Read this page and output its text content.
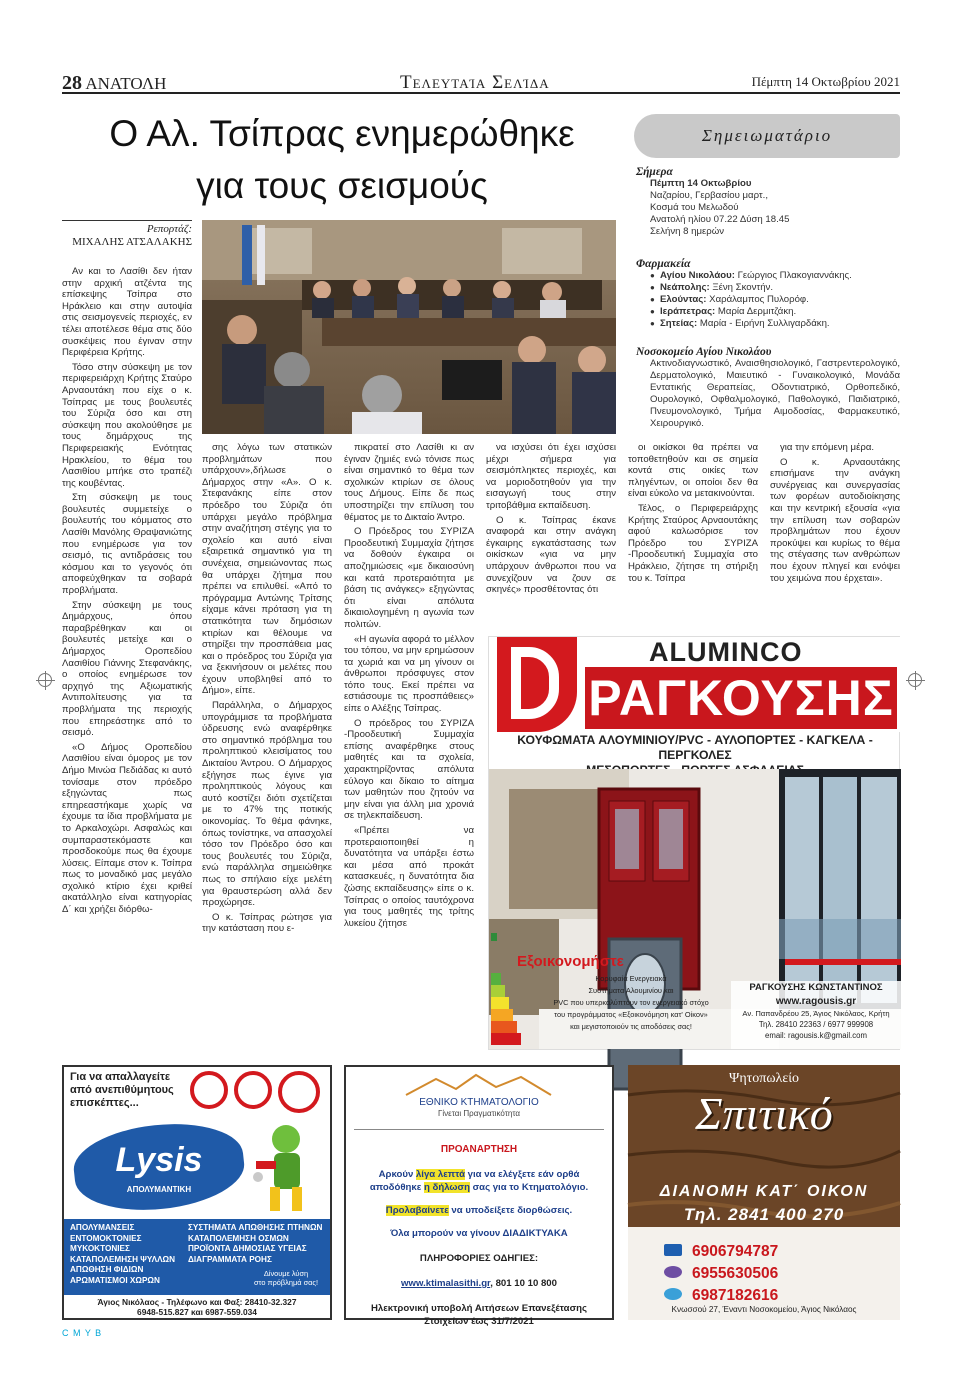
28 ΑΝΑΤΟΛΗ	Τελευταία Σελίδα	Πέμπτη 14 Οκτωβρίου 2021
Ο Αλ. Τσίπρας ενημερώθηκε
για τους σεισμούς
Ρεπορτάζ:
ΜΙΧΑΛΗΣ ΑΤΣΑΛΑΚΗΣ

Αν και το Λασίθι δεν ήταν στην αρχική ατζέντα της επίσκεψης Τσίπρα στο Ηράκλειο και στην αυτοψία στις σεισμογενείς περιοχές, εν τέλει αποτέλεσε θέμα στις δύο συσκέψεις που έγιναν στην Περιφέρεια Κρήτης.

Τόσο στην σύσκεψη με τον περιφερειάρχη Κρήτης Σταύρο Αρναουτάκη που είχε ο κ. Τσίπρας με τους βουλευτές του Σύριζα όσο και στη σύσκεψη που ακολούθησε με τους δημάρχους της Περιφερειακής Ενότητας Ηρακλείου, το θέμα του Λασιθίου μπήκε στο τραπέζι της κουβέντας.

Στη σύσκεψη με τους βουλευτές συμμετείχε ο βουλευτής του κόμματος στο Λασίθι Μανόλης Θραψανιώτης που ενημέρωσε για τον σεισμό, τις αντιδράσεις του κόσμου και το γεγονός ότι αποφεύχθηκαν τα σοβαρά προβλήματα.

Στην σύσκεψη με τους Δημάρχους, όπου παραβρέθηκαν και οι βουλευτές μετείχε και ο Δήμαρχος Οροπεδίου Λασιθίου Γιάννης Στεφανάκης, ο οποίος ενημέρωσε τον αρχηγό της Αξιωματικής Αντιπολίτευσης για τα προβλήματα της περιοχής που επηρεάστηκε από το σεισμό.

«Ο Δήμος Οροπεδίου Λασιθίου είναι όμορος με τον Δήμο Μινώα Πεδιάδας κι αυτό τονίσαμε στον πρόεδρο εξηγώντας πως επηρεαστήκαμε χωρίς να έχουμε τα ίδια προβλήματα με το Αρκαλοχώρι. Ασφαλώς και συμπαραστεκόμαστε και προσδοκούμε πως θα έχουμε λύσεις. Είπαμε στον κ. Τσίπρα πως το μοναδικό μας μεγάλο σχολικό κτίριο έχει κριθεί ακατάλληλο είναι κατηγορίας Δ΄ και χρήζει διόρθω-

σης λόγω των στατικών προβλημάτων που υπάρχουν»,δήλωσε ο Δήμαρχος στην «Α». Ο κ. Στεφανάκης είπε στον πρόεδρο του Σύριζα ότι υπάρχει μεγάλο πρόβλημα στην αναζήτηση στέγης για το σχολείο και αυτό είναι εξαιρετικά σημαντικό για τη συνέχεια, σημειώνοντας πως θα υπάρχει ζήτημα που πρέπει να επιλυθεί. «Από το πρόγραμμα Αντώνης Τρίτσης είχαμε κάνει πρόταση για τη στατικότητα των δημόσιων κτιρίων και θέλουμε να στηρίξει την προσπάθεια μας και ο πρόεδρος του Σύριζα για να ξεκινήσουν οι μελέτες που έχουν υποβληθεί από το Δήμο», είπε.

Παράλληλα, ο Δήμαρχος υπογράμμισε τα προβλήματα ύδρευσης ενώ αναφέρθηκε στο σημαντικό πρόβλημα του προληπτικού κλεισίματος του Δικταίου Άντρου. Ο Δήμαρχος εξήγησε πως έγινε για προληπτικούς λόγους και αυτό κοστίζει διότι σχετίζεται με το 47% της ποτικής οικονομίας. Το θέμα φάνηκε, όπως τονίστηκε, να απασχολεί τόσο τον Πρόεδρο όσο και τους βουλευτές του Σύριζα, ενώ παράλληλα σημειώθηκε πως το σπήλαιο είχε μελέτη για θραυστερώση αλλά δεν προχώρησε.

Ο κ. Τσίπρας ρώτησε για την κατάσταση που ε-

πικρατεί στο Λασίθι κι αν έγιναν ζημιές ενώ τόνισε πως είναι σημαντικό το θέμα των σχολικών κτιρίων σε όλους τους Δήμους. Είπε δε πως υποστηρίζει την επίλυση του θέματος με το Δικταίο Άντρο.

Ο Πρόεδρος του ΣΥΡΙΖΑ Προοδευτική Συμμαχία ζήτησε να δοθούν έγκαιρα οι αποζημιώσεις «με δικαιοσύνη και κατά προτεραιότητα με βάση τις ανάγκες» εξηγώντας ότι είναι απόλυτα δικαιολογημένη η αγωνία των πολιτών.

«Η αγωνία αφορά το μέλλον του τόπου, να μην ερημώσουν τα χωριά και να μη γίνουν οι άνθρωποι πρόσφυγες στον τόπο τους. Εκεί πρέπει να εστιάσουμε τις προσπάθειες» είπε ο Αλέξης Τσίπρας.

Ο πρόεδρος του ΣΥΡΙΖΑ -Προοδευτική Συμμαχία επίσης αναφέρθηκε στους μαθητές και τα σχολεία, χαρακτηρίζοντας απόλυτα εύλογο και δίκαιο το αίτημα των μαθητών που ζητούν να μην είναι για άλλη μια χρονιά σε τηλεκπαίδευση.

«Πρέπει να προτεραιοποιηθεί η δυνατότητα να υπάρξει έστω και μέσα από προκάτ κατασκευές, η δυνατότητα δια ζώσης εκπαίδευσης» είπε ο κ. Τσίπρας ο οποίος ταυτόχρονα για τους μαθητές της τρίτης λυκείου ζήτησε

να ισχύσει ότι έχει ισχύσει μέχρι σήμερα για σεισμόπληκτες περιοχές, και να μοριοδοτηθούν για την εισαγωγή τους στην τριτοβάθμια εκπαίδευση.

Ο κ. Τσίπρας έκανε αναφορά και στην ανάγκη έγκαιρης εγκατάστασης των οικίσκων «για να μην υπάρχουν άνθρωποι που να συνεχίζουν να ζουν σε σκηνές» προσθέτοντας ότι

οι οικίσκοι θα πρέπει να τοποθετηθούν και σε σημεία κοντά στις οικίες των πληγέντων, οι οποίοι δεν θα είναι εύκολο να μετακινούνται.

Τέλος, ο Περιφερειάρχης Κρήτης Σταύρος Αρναουτάκης αφού καλωσόρισε τον Πρόεδρο του ΣΥΡΙΖΑ -Προοδευτική Συμμαχία στο Ηράκλειο, ζήτησε τη στήριξη του κ. Τσίπρα

για την επόμενη μέρα.

Ο κ. Αρναουτάκης επισήμανε την ανάγκη συνέργειας και συνεργασίας των φορέων αυτοδιοίκησης και την κεντρική εξουσία «για την επίλυση των σοβαρών προβλημάτων που έχουν προκύψει και κυρίως το θέμα της στέγασης των ανθρώπων που έχουν πληγεί και ενόψει του χειμώνα που έρχεται».

Σημειωματάριο
Σήμερα
Πέμπτη 14 Οκτωβρίου
Ναζαρίου, Γερβασίου μαρτ.,
Κοσμά του Μελωδού
Ανατολή ηλίου 07.22 Δύση 18.45
Σελήνη 8 ημερών
Φαρμακεία
● Αγίου Νικολάου: Γεώργιος Πλακογιαννάκης.
● Νεάπολης: Ξένη Σκοντήν.
● Ελούντας: Χαράλαμπος Πυλορόφ.
● Ιεράπετρας: Μαρία Δερμιτζάκη.
● Σητείας: Μαρία - Ειρήνη Συλλιγαρδάκη.
Νοσοκομείο Αγίου Νικολάου
Ακτινοδιαγνωστικό, Αναισθησιολογικό, Γαστρεντερολογικό, Δερματολογικό, Μαιευτικό - Γυναικολογικό, Μονάδα Εντατικής Θεραπείας, Οδοντιατρικό, Ορθοπεδικό, Ουρολογικό, Οφθαλμολογικό, Παθολογικό, Παιδιατρικό, Πνευμονολογικό, Τμήμα Αιμοδοσίας, Φαρμακευτικό, Χειρουργικό.
ALUMINCO
ΡΑΓΚΟΥΣΗΣ
ΚΟΥΦΩΜΑΤΑ ΑΛΟΥΜΙΝΙΟΥ/PVC - ΑΥΛΟΠΟΡΤΕΣ - ΚΑΓΚΕΛΑ - ΠΕΡΓΚΟΛΕΣ
Εξοικονομήστε
Κορυφαία Ενεργειακά
Συστήματα Αλουμινίου και
PVC που υπερκαλύπτουν τον ενεργειακό στόχο
του προγράμματος «Εξοικονόμηση κατ' Οίκον»
και μεγιστοποιούν τις αποδόσεις σας!
ΡΑΓΚΟΥΣΗΣ ΚΩΝΣΤΑΝΤΙΝΟΣ
www.ragousis.gr
Αν. Παπανδρέου 25, Άγιος Νικόλαος, Κρήτη
Τηλ. 28410 22363 / 6977 999908
email: ragousis.k@gmail.com
Για να απαλλαγείτε από ανεπιθύμητους επισκέπτες...
Lysis
ΑΠΟΛΥΜΑΝΤΙΚΗ
ΑΠΟΛΥΜΑΝΣΕΙΣ
ΕΝΤΟΜΟΚΤΟΝΙΕΣ
ΜΥΚΟΚΤΟΝΙΕΣ
ΚΑΤΑΠΟΛΕΜΗΣΗ ΨΥΛΛΩΝ
ΑΠΩΘΗΣΗ ΦΙΔΙΩΝ
ΑΡΩΜΑΤΙΣΜΟΙ ΧΩΡΩΝ
ΣΥΣΤΗΜΑΤΑ ΑΠΩΘΗΣΗΣ ΠΤΗΝΩΝ
ΚΑΤΑΠΟΛΕΜΗΣΗ ΟΣΜΩΝ
ΠΡΟΪΟΝΤΑ ΔΗΜΟΣΙΑΣ ΥΓΕΙΑΣ
ΔΙΑΓΡΑΜΜΑΤΑ ΡΟΗΣ
Δίνουμε λύση
στο πρόβλημά σας!
Άγιος Νικόλαος - Τηλέφωνο και Φαξ: 28410-32.327
6948-515.827 και 6987-559.034
ΕΘΝΙΚΟ ΚΤΗΜΑΤΟΛΟΓΙΟ
Γίνεται Πραγματικότητα
ΠΡΟΑΝΑΡΤΗΣΗ
Αρκούν λίγα λεπτά για να ελέγξετε εάν ορθά
αποδόθηκε η δήλωση σας για το Κτηματολόγιο.
Προλαβαίνετε να υποδείξετε διορθώσεις.
Όλα μπορούν να γίνουν ΔΙΑΔΙΚΤΥΑΚΑ
ΠΛΗΡΟΦΟΡΙΕΣ ΟΔΗΓΙΕΣ:
www.ktimalasithi.gr, 801 10 10 800
Ηλεκτρονική υποβολή Αιτήσεων Επανεξέτασης
Στοιχείων έως 31/7/2021
Ψητοπωλείο
Σπιτικό
ΔΙΑΝΟΜΗ ΚΑΤ΄ ΟΙΚΟΝ
Τηλ. 2841 400 270
6906794787
6955630506
6987182616
Κνωσσού 27, Έναντι Νοσοκομείου, Άγιος Νικόλαος
C M Y B
